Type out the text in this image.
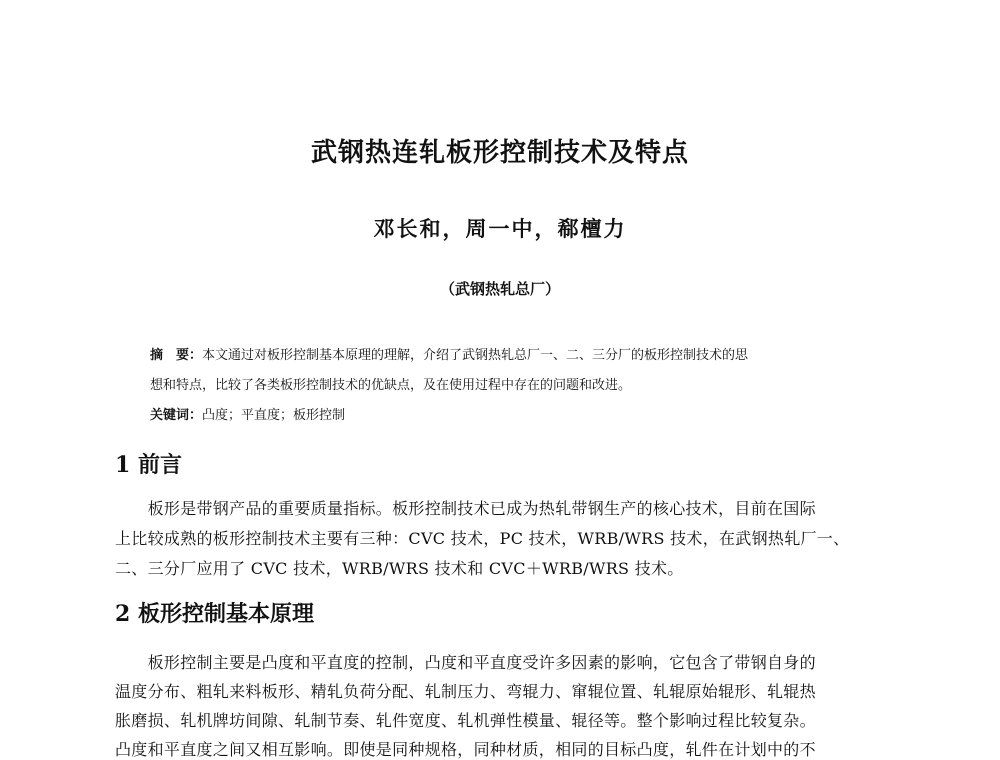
武钢热连轧板形控制技术及特点
邓长和，周一中，郗檀力
（武钢热轧总厂）
摘　要：本文通过对板形控制基本原理的理解，介绍了武钢热轧总厂一、二、三分厂的板形控制技术的思
想和特点，比较了各类板形控制技术的优缺点，及在使用过程中存在的问题和改进。
关键词：凸度；平直度；板形控制
1 前言
　　板形是带钢产品的重要质量指标。板形控制技术已成为热轧带钢生产的核心技术，目前在国际
上比较成熟的板形控制技术主要有三种：CVC 技术，PC 技术，WRB/WRS 技术，在武钢热轧厂一、
二、三分厂应用了 CVC 技术，WRB/WRS 技术和 CVC＋WRB/WRS 技术。
2 板形控制基本原理
　　板形控制主要是凸度和平直度的控制，凸度和平直度受许多因素的影响，它包含了带钢自身的
温度分布、粗轧来料板形、精轧负荷分配、轧制压力、弯辊力、窜辊位置、轧辊原始辊形、轧辊热
胀磨损、轧机牌坊间隙、轧制节奏、轧件宽度、轧机弹性模量、辊径等。整个影响过程比较复杂。
凸度和平直度之间又相互影响。即使是同种规格，同种材质，相同的目标凸度，轧件在计划中的不
